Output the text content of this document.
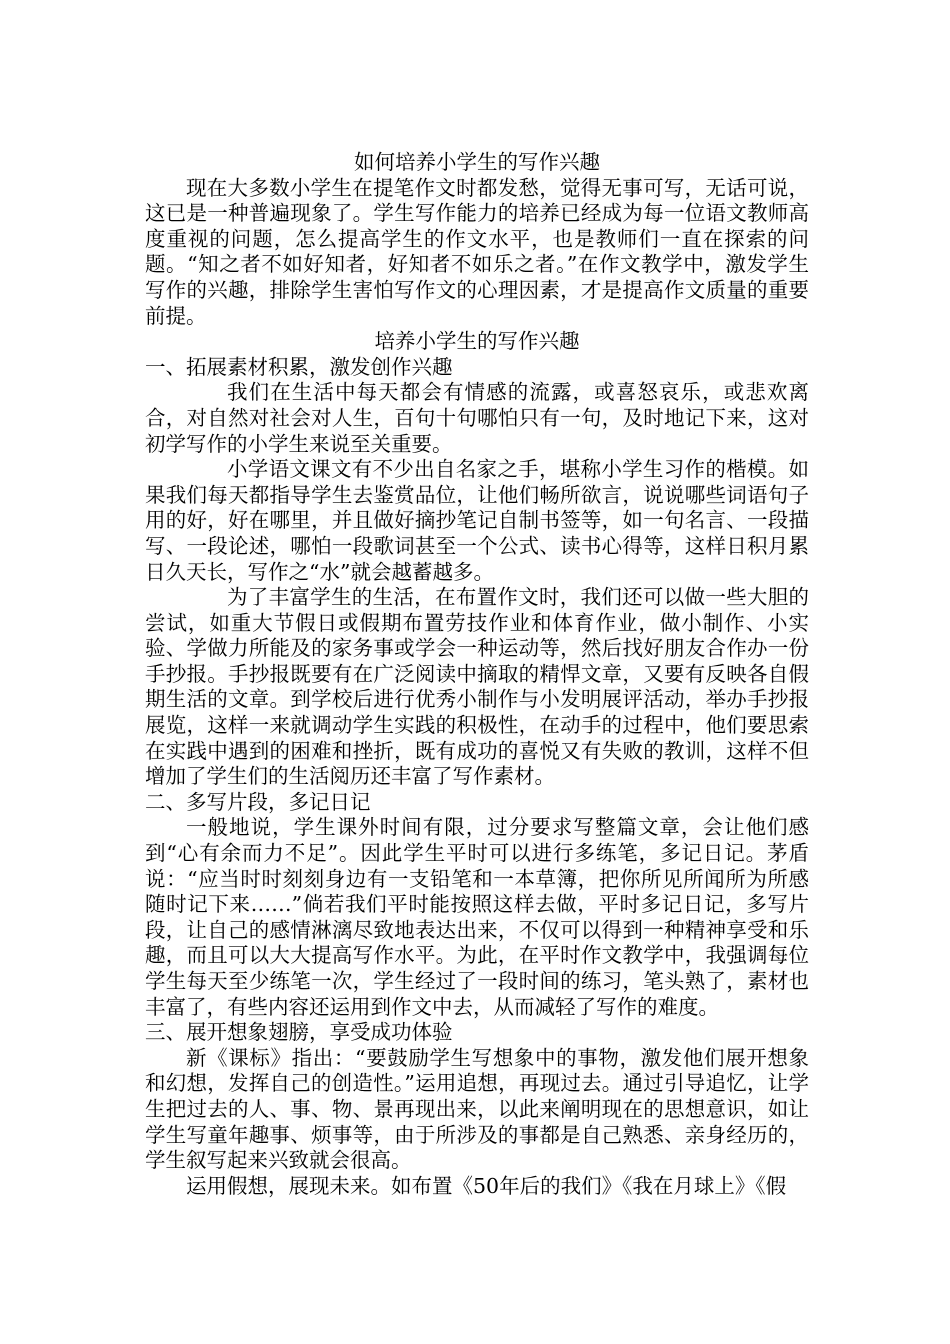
如何培养小学生的写作兴趣

现在大多数小学生在提笔作文时都发愁，觉得无事可写，无话可说，这已是一种普遍现象了。学生写作能力的培养已经成为每一位语文教师高度重视的问题，怎么提高学生的作文水平，也是教师们一直在探索的问题。“知之者不如好知者，好知者不如乐之者。”在作文教学中，激发学生写作的兴趣，排除学生害怕写作文的心理因素，才是提高作文质量的重要前提。

培养小学生的写作兴趣

一、拓展素材积累，激发创作兴趣

我们在生活中每天都会有情感的流露，或喜怒哀乐，或悲欢离合，对自然对社会对人生，百句十句哪怕只有一句，及时地记下来，这对初学写作的小学生来说至关重要。

小学语文课文有不少出自名家之手，堪称小学生习作的楷模。如果我们每天都指导学生去鉴赏品位，让他们畅所欲言，说说哪些词语句子用的好，好在哪里，并且做好摘抄笔记自制书签等，如一句名言、一段描写、一段论述，哪怕一段歌词甚至一个公式、读书心得等，这样日积月累日久天长，写作之“水”就会越蓄越多。

为了丰富学生的生活，在布置作文时，我们还可以做一些大胆的尝试，如重大节假日或假期布置劳技作业和体育作业，做小制作、小实验、学做力所能及的家务事或学会一种运动等，然后找好朋友合作办一份手抄报。手抄报既要有在广泛阅读中摘取的精悍文章，又要有反映各自假期生活的文章。到学校后进行优秀小制作与小发明展评活动，举办手抄报展览，这样一来就调动学生实践的积极性，在动手的过程中，他们要思索在实践中遇到的困难和挫折，既有成功的喜悦又有失败的教训，这样不但增加了学生们的生活阅历还丰富了写作素材。

二、多写片段，多记日记

一般地说，学生课外时间有限，过分要求写整篇文章，会让他们感到“心有余而力不足”。因此学生平时可以进行多练笔，多记日记。茅盾说：“应当时时刻刻身边有一支铅笔和一本草簿，把你所见所闻所为所感随时记下来……”倘若我们平时能按照这样去做，平时多记日记，多写片段，让自己的感情淋漓尽致地表达出来，不仅可以得到一种精神享受和乐趣，而且可以大大提高写作水平。为此，在平时作文教学中，我强调每位学生每天至少练笔一次，学生经过了一段时间的练习，笔头熟了，素材也丰富了，有些内容还运用到作文中去，从而减轻了写作的难度。

三、展开想象翅膀，享受成功体验

新《课标》指出：“要鼓励学生写想象中的事物，激发他们展开想象和幻想，发挥自己的创造性。”运用追想，再现过去。通过引导追忆，让学生把过去的人、事、物、景再现出来，以此来阐明现在的思想意识，如让学生写童年趣事、烦事等，由于所涉及的事都是自己熟悉、亲身经历的，学生叙写起来兴致就会很高。

运用假想，展现未来。如布置《50年后的我们》《我在月球上》《假
